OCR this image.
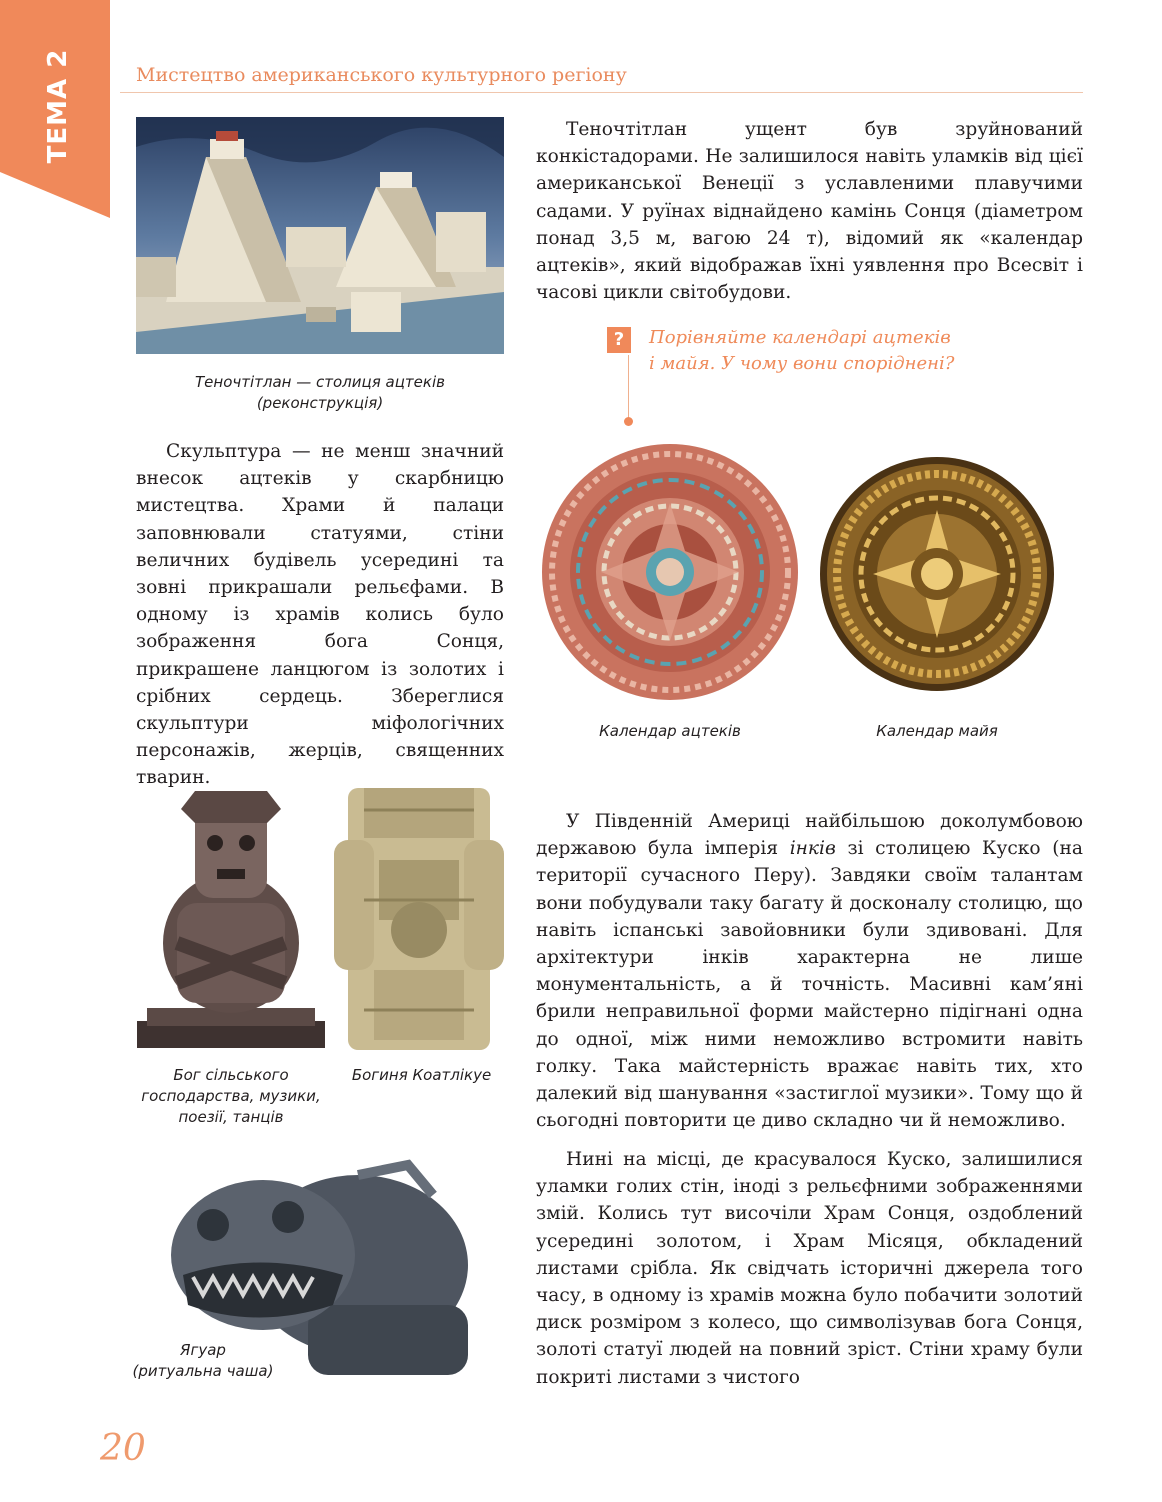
ТЕМА 2	Мистецтво американського культурного регіону
Теночтітлан — столиця ацтеків
(реконструкція)
Теночтітлан ущент був зруйнований конкістадорами. Не залишилося навіть уламків від цієї американської Венеції з уславленими плавучими садами. У руїнах віднайдено камінь Сонця (діаметром понад 3,5 м, вагою 24 т), відомий як «календар ацтеків», який відображав їхні уявлення про Всесвіт і часові цикли світобудови.
?	Порівняйте календарі ацтеків
і майя. У чому вони споріднені?
Скульптура — не менш значний внесок ацтеків у скарбницю мистецтва. Храми й палаци заповнювали статуями, стіни величних будівель усередині та зовні прикрашали рельєфами. В одному із храмів колись було зображення бога Сонця, прикрашене ланцюгом із золотих і срібних сердець. Збереглися скульптури міфологічних персонажів, жерців, священних тварин.
Календар ацтеків	Календар майя
Бог сільського
господарства, музики,
поезії, танців
Богиня Коатлікуе
Ягуар
(ритуальна чаша)
У Південній Америці найбільшою доколумбовою державою була імперія інків зі столицею Куско (на території сучасного Перу). Завдяки своїм талантам вони побудували таку багату й досконалу столицю, що навіть іспанські завойовники були здивовані. Для архітектури інків характерна не лише монументальність, а й точність. Масивні кам’яні брили неправильної форми майстерно підігнані одна до одної, між ними неможливо встромити навіть голку. Така майстерність вражає навіть тих, хто далекий від шанування «застиглої музики». Тому що й сьогодні повторити це диво складно чи й неможливо.
Нині на місці, де красувалося Куско, залишилися уламки голих стін, іноді з рельєфними зображеннями змій. Колись тут височіли Храм Сонця, оздоблений усередині золотом, і Храм Місяця, обкладений листами срібла. Як свідчать історичні джерела того часу, в одному із храмів можна було побачити золотий диск розміром з колесо, що символізував бога Сонця, золоті статуї людей на повний зріст. Стіни храму були покриті листами з чистого
20
